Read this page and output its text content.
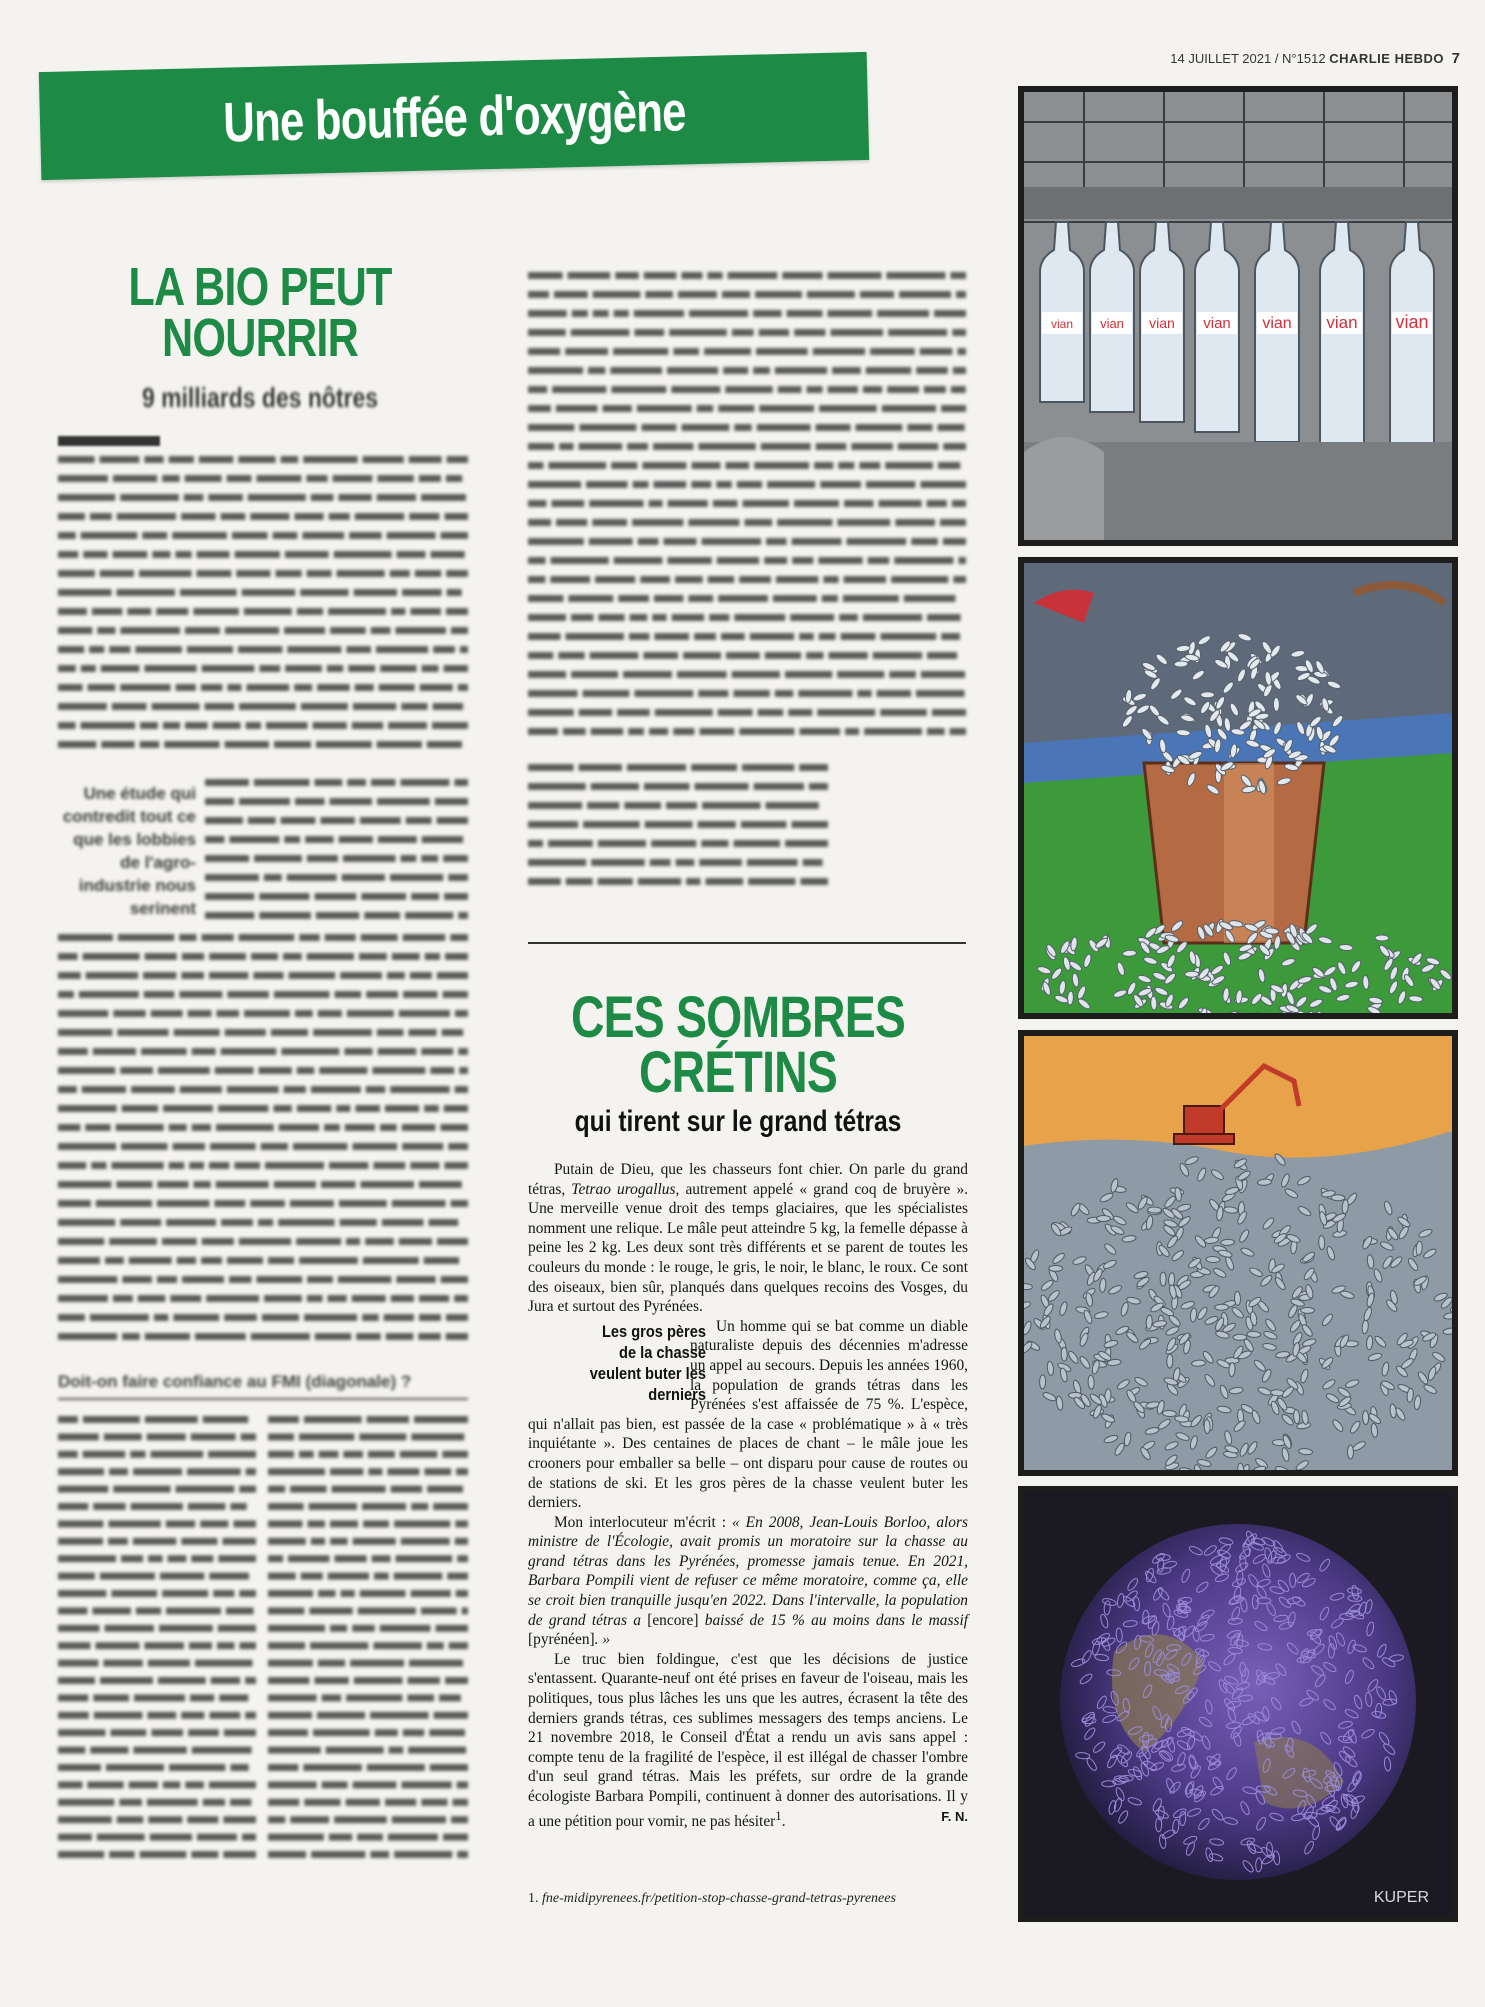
14 JUILLET 2021 / N°1512 CHARLIE HEBDO 7
Une bouffée d'oxygène
LA BIO PEUT
NOURRIR
9 milliards des nôtres
Une étude qui contredit tout ce que les lobbies de l'agro-industrie nous serinent
Doit-on faire confiance au FMI (diagonale) ?
CES SOMBRES
CRÉTINS
qui tirent sur le grand tétras

Putain de Dieu, que les chasseurs font chier. On parle du grand tétras, Tetrao urogallus, autrement appelé « grand coq de bruyère ». Une merveille venue droit des temps glaciaires, que les spécialistes nomment une relique. Le mâle peut atteindre 5 kg, la femelle dépasse à peine les 2 kg. Les deux sont très différents et se parent de toutes les couleurs du monde : le rouge, le gris, le noir, le blanc, le roux. Ce sont des oiseaux, bien sûr, planqués dans quelques recoins des Vosges, du Jura et surtout des Pyrénées.

Les gros pères de la chasse veulent buter les derniers
Un homme qui se bat comme un diable naturaliste depuis des décennies m'adresse un appel au secours. Depuis les années 1960, la population de grands tétras dans les Pyrénées s'est affaissée de 75 %. L'espèce, qui n'allait pas bien, est passée de la case « problématique » à « très inquiétante ». Des centaines de places de chant – le mâle joue les crooners pour emballer sa belle – ont disparu pour cause de routes ou de stations de ski. Et les gros pères de la chasse veulent buter les derniers.

Mon interlocuteur m'écrit : « En 2008, Jean-Louis Borloo, alors ministre de l'Écologie, avait promis un moratoire sur la chasse au grand tétras dans les Pyrénées, promesse jamais tenue. En 2021, Barbara Pompili vient de refuser ce même moratoire, comme ça, elle se croit bien tranquille jusqu'en 2022. Dans l'intervalle, la population de grand tétras a [encore] baissé de 15 % au moins dans le massif [pyrénéen]. »

Le truc bien foldingue, c'est que les décisions de justice s'entassent. Quarante-neuf ont été prises en faveur de l'oiseau, mais les politiques, tous plus lâches les uns que les autres, écrasent la tête des derniers grands tétras, ces sublimes messagers des temps anciens. Le 21 novembre 2018, le Conseil d'État a rendu un avis sans appel : compte tenu de la fragilité de l'espèce, il est illégal de chasser l'ombre d'un seul grand tétras. Mais les préfets, sur ordre de la grande écologiste Barbara Pompili, continuent à donner des autorisations. Il y a une pétition pour vomir, ne pas hésiter$^1$.	F. N.

1. fne-midipyrenees.fr/petition-stop-chasse-grand-tetras-pyrenees
vian vian vian vian vian vian vian
KUPER
